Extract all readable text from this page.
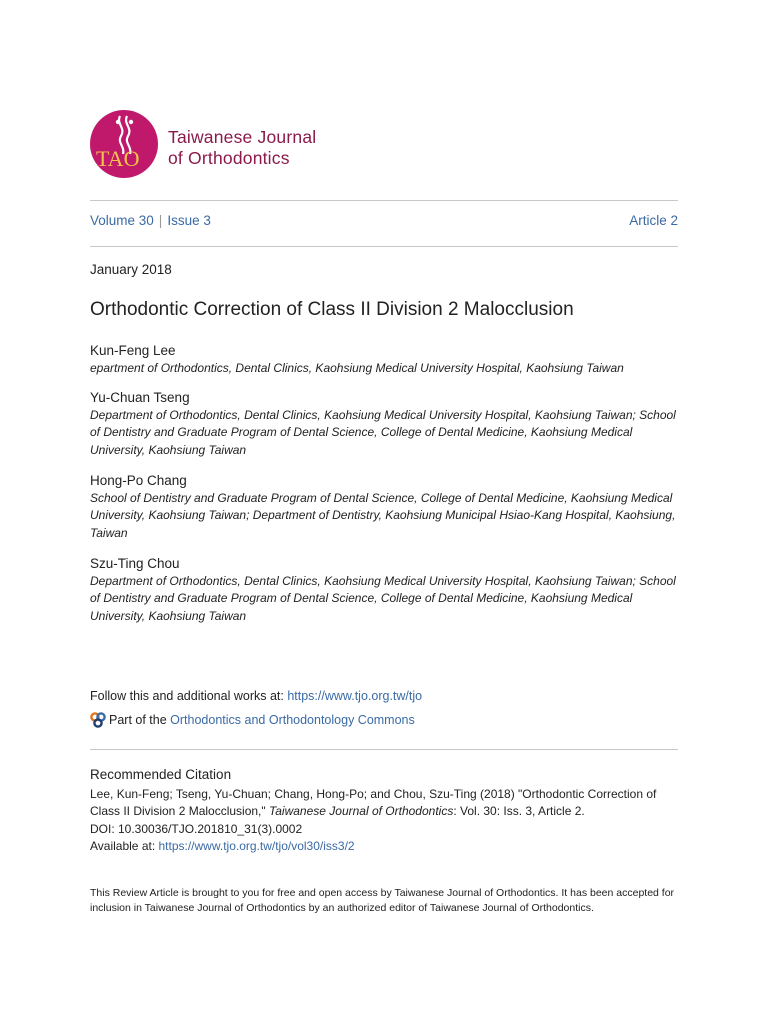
TAO
Taiwanese Journal
of Orthodontics
Volume 30 | Issue 3	Article 2
January 2018
Orthodontic Correction of Class II Division 2 Malocclusion
Kun-Feng Lee
epartment of Orthodontics, Dental Clinics, Kaohsiung Medical University Hospital, Kaohsiung Taiwan
Yu-Chuan Tseng
Department of Orthodontics, Dental Clinics, Kaohsiung Medical University Hospital, Kaohsiung Taiwan; School of Dentistry and Graduate Program of Dental Science, College of Dental Medicine, Kaohsiung Medical University, Kaohsiung Taiwan
Hong-Po Chang
School of Dentistry and Graduate Program of Dental Science, College of Dental Medicine, Kaohsiung Medical University, Kaohsiung Taiwan; Department of Dentistry, Kaohsiung Municipal Hsiao-Kang Hospital, Kaohsiung, Taiwan
Szu-Ting Chou
Department of Orthodontics, Dental Clinics, Kaohsiung Medical University Hospital, Kaohsiung Taiwan; School of Dentistry and Graduate Program of Dental Science, College of Dental Medicine, Kaohsiung Medical University, Kaohsiung Taiwan
Follow this and additional works at: https://www.tjo.org.tw/tjo
Part of the
Orthodontics and Orthodontology Commons
Recommended Citation
Lee, Kun-Feng; Tseng, Yu-Chuan; Chang, Hong-Po; and Chou, Szu-Ting (2018) "Orthodontic Correction of Class II Division 2 Malocclusion," Taiwanese Journal of Orthodontics: Vol. 30: Iss. 3, Article 2.
DOI: 10.30036/TJO.201810_31(3).0002
Available at: https://www.tjo.org.tw/tjo/vol30/iss3/2
This Review Article is brought to you for free and open access by Taiwanese Journal of Orthodontics. It has been accepted for inclusion in Taiwanese Journal of Orthodontics by an authorized editor of Taiwanese Journal of Orthodontics.
